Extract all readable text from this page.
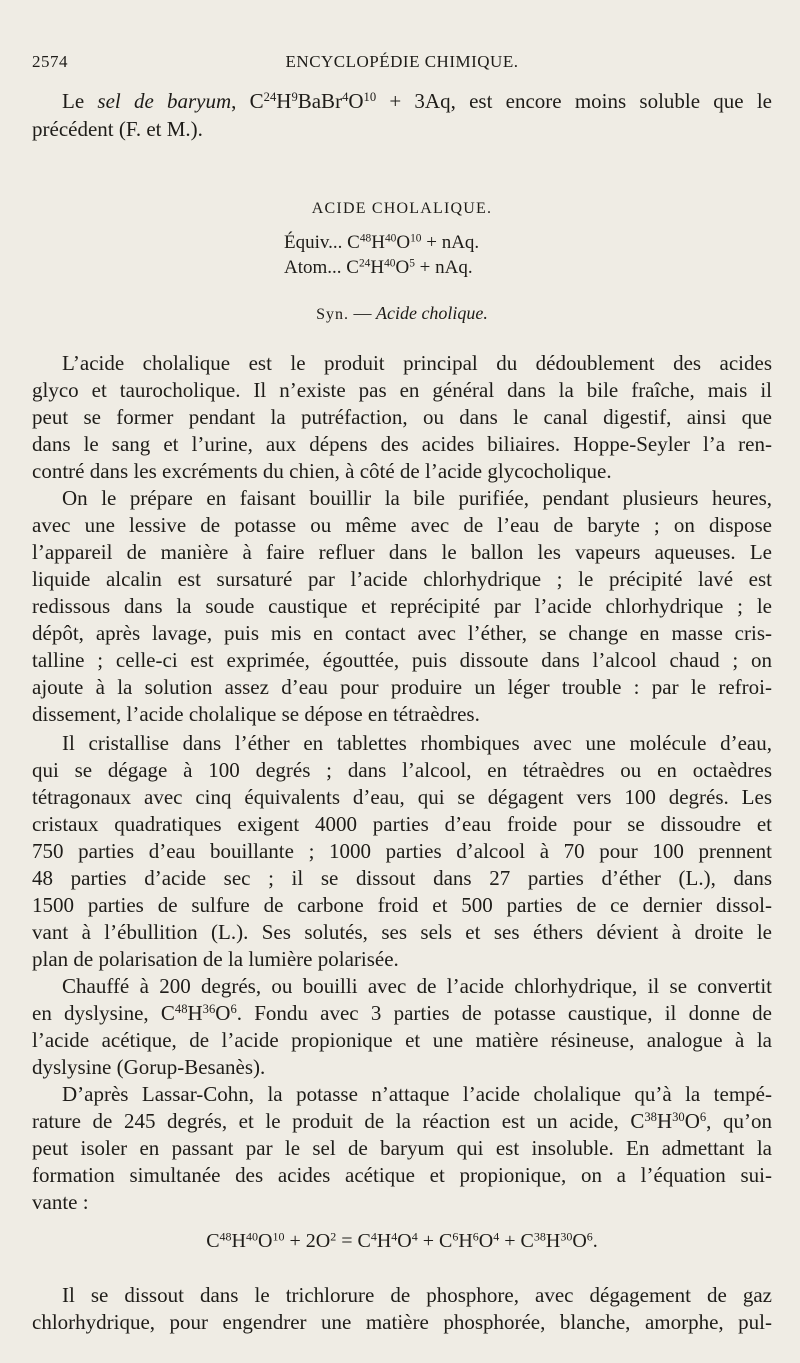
2574	ENCYCLOPÉDIE CHIMIQUE.
Le sel de baryum, $C^{24}H^9BaBr^4O^{10} + 3Aq$, est encore moins soluble que le
précédent (F. et M.).
ACIDE CHOLALIQUE.
Équiv... $C^{48}H^{40}O^{10}$ + nAq.
Atom... $C^{24}H^{40}O^5$ + nAq.
Syn. — Acide cholique.
L’acide cholalique est le produit principal du dédoublement des acides
glyco et taurocholique. Il n’existe pas en général dans la bile fraîche, mais il
peut se former pendant la putréfaction, ou dans le canal digestif, ainsi que
dans le sang et l’urine, aux dépens des acides biliaires. Hoppe-Seyler l’a ren-
contré dans les excréments du chien, à côté de l’acide glycocholique.
On le prépare en faisant bouillir la bile purifiée, pendant plusieurs heures,
avec une lessive de potasse ou même avec de l’eau de baryte ; on dispose
l’appareil de manière à faire refluer dans le ballon les vapeurs aqueuses. Le
liquide alcalin est sursaturé par l’acide chlorhydrique ; le précipité lavé est
redissous dans la soude caustique et reprécipité par l’acide chlorhydrique ; le
dépôt, après lavage, puis mis en contact avec l’éther, se change en masse cris-
talline ; celle-ci est exprimée, égouttée, puis dissoute dans l’alcool chaud ; on
ajoute à la solution assez d’eau pour produire un léger trouble : par le refroi-
dissement, l’acide cholalique se dépose en tétraèdres.
Il cristallise dans l’éther en tablettes rhombiques avec une molécule d’eau,
qui se dégage à 100 degrés ; dans l’alcool, en tétraèdres ou en octaèdres
tétragonaux avec cinq équivalents d’eau, qui se dégagent vers 100 degrés. Les
cristaux quadratiques exigent 4000 parties d’eau froide pour se dissoudre et
750 parties d’eau bouillante ; 1000 parties d’alcool à 70 pour 100 prennent
48 parties d’acide sec ; il se dissout dans 27 parties d’éther (L.), dans
1500 parties de sulfure de carbone froid et 500 parties de ce dernier dissol-
vant à l’ébullition (L.). Ses solutés, ses sels et ses éthers dévient à droite le
plan de polarisation de la lumière polarisée.
Chauffé à 200 degrés, ou bouilli avec de l’acide chlorhydrique, il se convertit
en dyslysine, $C^{48}H^{36}O^6$. Fondu avec 3 parties de potasse caustique, il donne de
l’acide acétique, de l’acide propionique et une matière résineuse, analogue à la
dyslysine (Gorup-Besanès).
D’après Lassar-Cohn, la potasse n’attaque l’acide cholalique qu’à la tempé-
rature de 245 degrés, et le produit de la réaction est un acide, $C^{38}H^{30}O^6$, qu’on
peut isoler en passant par le sel de baryum qui est insoluble. En admettant la
formation simultanée des acides acétique et propionique, on a l’équation sui-
vante :
$C^{48}H^{40}O^{10} + 2O^2 = C^4H^4O^4 + C^6H^6O^4 + C^{38}H^{30}O^6$.
Il se dissout dans le trichlorure de phosphore, avec dégagement de gaz
chlorhydrique, pour engendrer une matière phosphorée, blanche, amorphe, pul-
